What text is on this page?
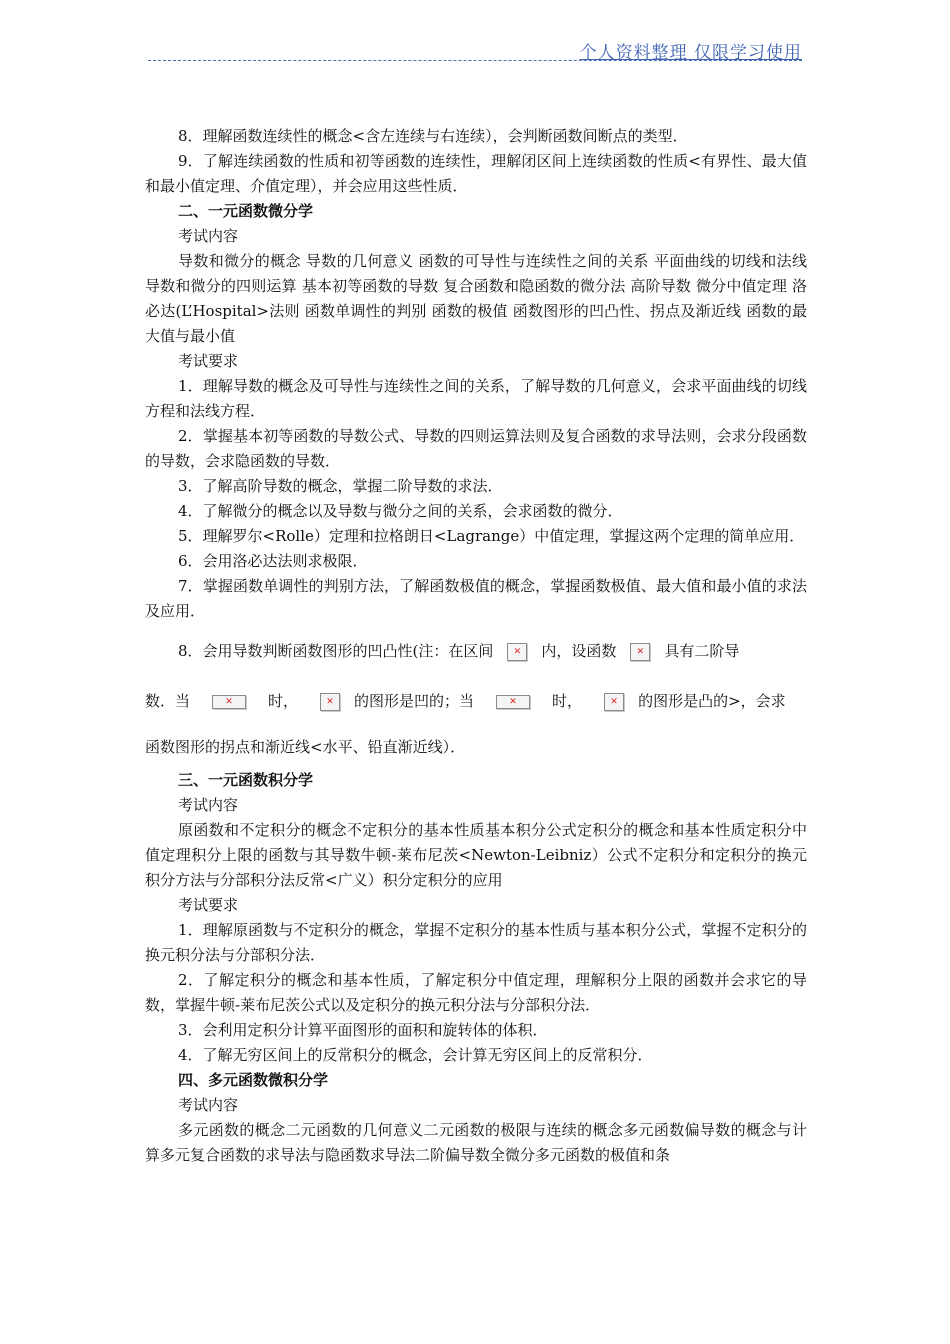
个人资料整理 仅限学习使用

8．理解函数连续性的概念<含左连续与右连续），会判断函数间断点的类型．

9．了解连续函数的性质和初等函数的连续性，理解闭区间上连续函数的性质<有界性、最大值和最小值定理、介值定理），并会应用这些性质．

二、一元函数微分学

考试内容

导数和微分的概念 导数的几何意义 函数的可导性与连续性之间的关系 平面曲线的切线和法线 导数和微分的四则运算 基本初等函数的导数 复合函数和隐函数的微分法 高阶导数 微分中值定理 洛必达(L’Hospital>法则 函数单调性的判别 函数的极值 函数图形的凹凸性、拐点及渐近线 函数的最大值与最小值

考试要求

1．理解导数的概念及可导性与连续性之间的关系，了解导数的几何意义，会求平面曲线的切线方程和法线方程．

2．掌握基本初等函数的导数公式、导数的四则运算法则及复合函数的求导法则，会求分段函数的导数，会求隐函数的导数．

3．了解高阶导数的概念，掌握二阶导数的求法．

4．了解微分的概念以及导数与微分之间的关系，会求函数的微分．

5．理解罗尔<Rolle）定理和拉格朗日<Lagrange）中值定理，掌握这两个定理的简单应用．

6．会用洛必达法则求极限．

7．掌握函数单调性的判别方法，了解函数极值的概念，掌握函数极值、最大值和最小值的求法及应用．

8．会用导数判断函数图形的凹凸性(注：在区间 ✕	内，设函数 ✕	具有二阶导

数．当 ✕	时， ✕	的图形是凹的；当 ✕	时， ✕	的图形是凸的>，会求

函数图形的拐点和渐近线<水平、铅直渐近线）．

三、一元函数积分学

考试内容

原函数和不定积分的概念不定积分的基本性质基本积分公式定积分的概念和基本性质定积分中值定理积分上限的函数与其导数牛顿-莱布尼茨<Newton-Leibniz）公式不定积分和定积分的换元积分方法与分部积分法反常<广义）积分定积分的应用

考试要求

1．理解原函数与不定积分的概念，掌握不定积分的基本性质与基本积分公式，掌握不定积分的换元积分法与分部积分法．

2．了解定积分的概念和基本性质，了解定积分中值定理，理解积分上限的函数并会求它的导数，掌握牛顿-莱布尼茨公式以及定积分的换元积分法与分部积分法．

3．会利用定积分计算平面图形的面积和旋转体的体积．

4．了解无穷区间上的反常积分的概念，会计算无穷区间上的反常积分．

四、多元函数微积分学

考试内容

多元函数的概念二元函数的几何意义二元函数的极限与连续的概念多元函数偏导数的概念与计算多元复合函数的求导法与隐函数求导法二阶偏导数全微分多元函数的极值和条
